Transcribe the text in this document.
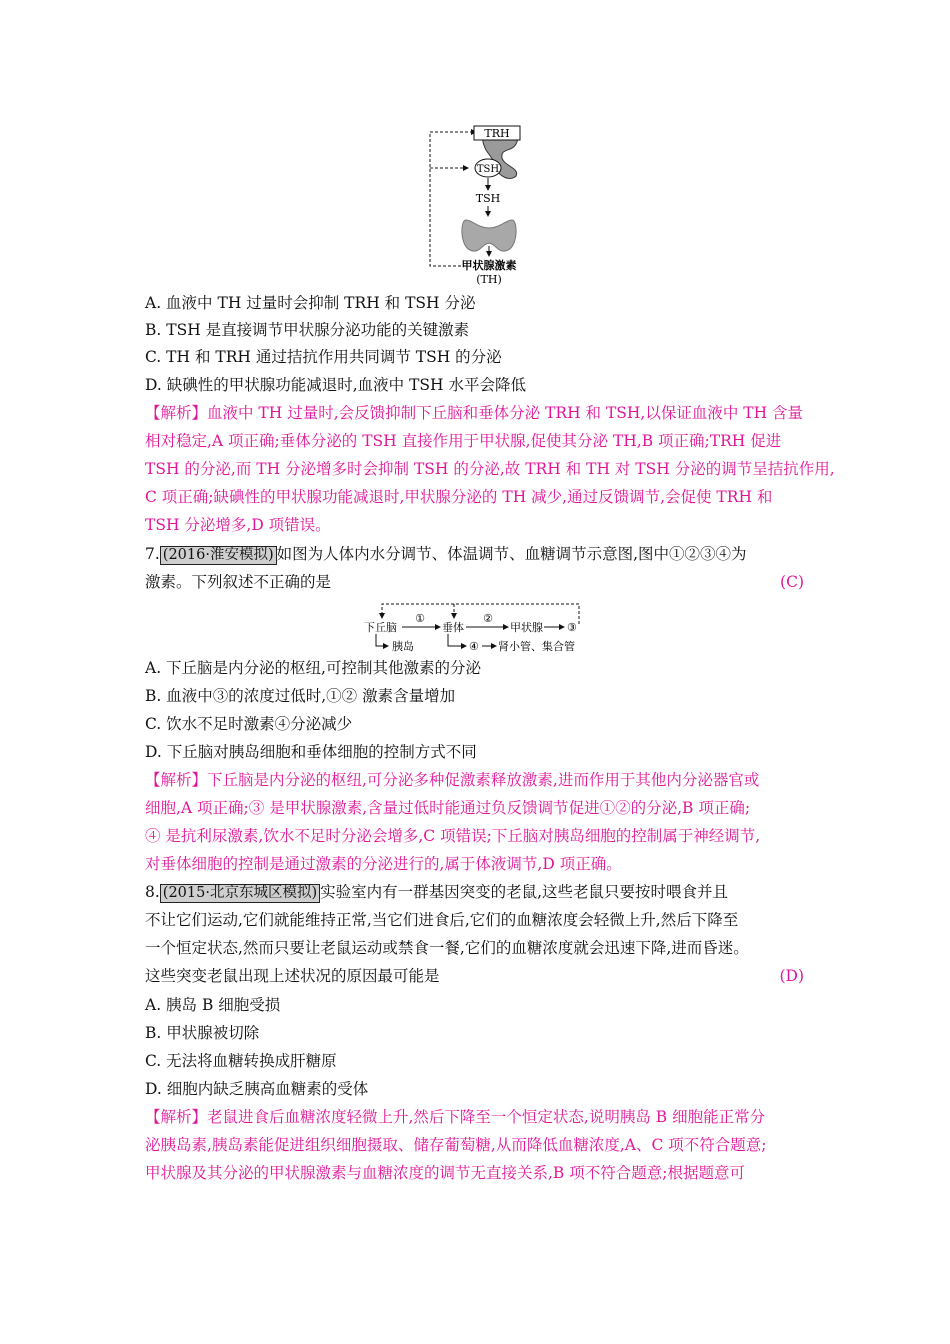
TRH
TSH
TSH
甲状腺激素
(TH)
A. 血液中 TH 过量时会抑制 TRH 和 TSH 分泌
B. TSH 是直接调节甲状腺分泌功能的关键激素
C. TH 和 TRH 通过拮抗作用共同调节 TSH 的分泌
D. 缺碘性的甲状腺功能减退时,血液中 TSH 水平会降低
【解析】血液中 TH 过量时,会反馈抑制下丘脑和垂体分泌 TRH 和 TSH,以保证血液中 TH 含量
相对稳定,A 项正确;垂体分泌的 TSH 直接作用于甲状腺,促使其分泌 TH,B 项正确;TRH 促进
TSH 的分泌,而 TH 分泌增多时会抑制 TSH 的分泌,故 TRH 和 TH 对 TSH 分泌的调节呈拮抗作用,
C 项正确;缺碘性的甲状腺功能减退时,甲状腺分泌的 TH 减少,通过反馈调节,会促使 TRH 和
TSH 分泌增多,D 项错误。
7. (2016·淮安模拟) 如图为人体内水分调节、体温调节、血糖调节示意图,图中①②③④为
激素。下列叙述不正确的是	(C)
下丘脑
①
垂体
②
甲状腺 ③
胰岛	④ 肾小管、集合管
A. 下丘脑是内分泌的枢纽,可控制其他激素的分泌
B. 血液中③的浓度过低时,①② 激素含量增加
C. 饮水不足时激素④分泌减少
D. 下丘脑对胰岛细胞和垂体细胞的控制方式不同
【解析】下丘脑是内分泌的枢纽,可分泌多种促激素释放激素,进而作用于其他内分泌器官或
细胞,A 项正确;③ 是甲状腺激素,含量过低时能通过负反馈调节促进①②的分泌,B 项正确;
④ 是抗利尿激素,饮水不足时分泌会增多,C 项错误;下丘脑对胰岛细胞的控制属于神经调节,
对垂体细胞的控制是通过激素的分泌进行的,属于体液调节,D 项正确。
8. (2015·北京东城区模拟) 实验室内有一群基因突变的老鼠,这些老鼠只要按时喂食并且
不让它们运动,它们就能维持正常,当它们进食后,它们的血糖浓度会轻微上升,然后下降至
一个恒定状态,然而只要让老鼠运动或禁食一餐,它们的血糖浓度就会迅速下降,进而昏迷。
这些突变老鼠出现上述状况的原因最可能是	(D)
A. 胰岛 B 细胞受损
B. 甲状腺被切除
C. 无法将血糖转换成肝糖原
D. 细胞内缺乏胰高血糖素的受体
【解析】老鼠进食后血糖浓度轻微上升,然后下降至一个恒定状态,说明胰岛 B 细胞能正常分
泌胰岛素,胰岛素能促进组织细胞摄取、储存葡萄糖,从而降低血糖浓度,A、C 项不符合题意;
甲状腺及其分泌的甲状腺激素与血糖浓度的调节无直接关系,B 项不符合题意;根据题意可
